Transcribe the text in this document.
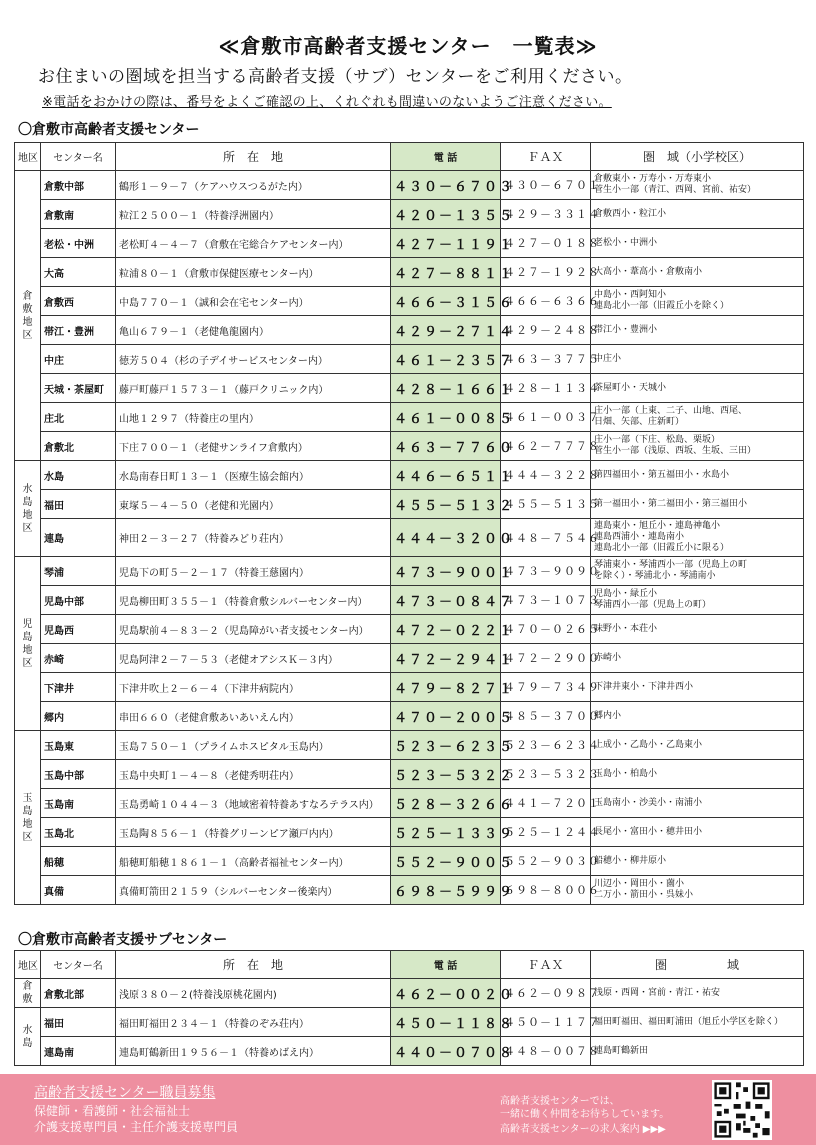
≪倉敷市高齢者支援センター　一覧表≫
お住まいの圏域を担当する高齢者支援（サブ）センターをご利用ください。
※電話をおかけの際は、番号をよくご確認の上、くれぐれも間違いのないようご注意ください。
〇倉敷市高齢者支援センター
地区	センター名	所　在　地	電 話	ＦＡＸ	圏　域（小学校区）
倉
敷
地
区	倉敷中部	鶴形１－９－７（ケアハウスつるがた内）	４３０－６７０３	４３０－６７０１	倉敷東小・万寿小・万寿東小
菅生小一部（青江、西岡、宮前、祐安）
	倉敷南	粒江２５００－１（特養浮洲園内）	４２０－１３５５	４２９－３３１４	倉敷西小・粒江小
	老松・中洲	老松町４－４－７（倉敷在宅総合ケアセンター内）	４２７－１１９１	４２７－０１８８	老松小・中洲小
	大高	粒浦８０－１（倉敷市保健医療センター内）	４２７－８８１１	４２７－１９２８	大高小・葦高小・倉敷南小
	倉敷西	中島７７０－１（誠和会在宅センター内）	４６６－３１５６	４６６－６３６６	中島小・西阿知小
連島北小一部（旧霞丘小を除く）
	帯江・豊洲	亀山６７９－１（老健亀龍園内）	４２９－２７１４	４２９－２４８８	帯江小・豊洲小
	中庄	徳芳５０４（杉の子デイサービスセンター内）	４６１－２３５７	４６３－３７７５	中庄小
	天城・茶屋町	藤戸町藤戸１５７３－１（藤戸クリニック内）	４２８－１６６１	４２８－１１３４	茶屋町小・天城小
	庄北	山地１２９７（特養庄の里内）	４６１－００８５	４６１－００３７	庄小一部（上東、二子、山地、西尾、
日畑、矢部、庄新町）
	倉敷北	下庄７００－１（老健サンライフ倉敷内）	４６３－７７６０	４６２－７７７８	庄小一部（下庄、松島、栗坂）
菅生小一部（浅原、西坂、生坂、三田）
水
島
地
区	水島	水島南春日町１３－１（医療生協会館内）	４４６－６５１１	４４４－３２２８	第四福田小・第五福田小・水島小
	福田	東塚５－４－５０（老健和光園内）	４５５－５１３２	４５５－５１３５	第一福田小・第二福田小・第三福田小
	連島	神田２－３－２７（特養みどり荘内）	４４４－３２００	４４８－７５４６	連島東小・旭丘小・連島神亀小
連島西浦小・連島南小
連島北小一部（旧霞丘小に限る）
児
島
地
区	琴浦	児島下の町５－２－１７（特養王慈園内）	４７３－９００１	４７３－９０９０	琴浦東小・琴浦西小一部（児島上の町
を除く）・琴浦北小・琴浦南小
	児島中部	児島柳田町３５５－１（特養倉敷シルバーセンター内）	４７３－０８４７	４７３－１０７３	児島小・緑丘小
琴浦西小一部（児島上の町）
	児島西	児島駅前４－８３－２（児島障がい者支援センター内）	４７２－０２２１	４７０－０２６５	味野小・本荘小
	赤崎	児島阿津２－７－５３（老健オアシスＫ－３内）	４７２－２９４１	４７２－２９００	赤崎小
	下津井	下津井吹上２－６－４（下津井病院内）	４７９－８２７１	４７９－７３４９	下津井東小・下津井西小
	郷内	串田６６０（老健倉敷あいあいえん内）	４７０－２００５	４８５－３７００	郷内小
玉
島
地
区	玉島東	玉島７５０－１（プライムホスピタル玉島内）	５２３－６２３５	５２３－６２３４	上成小・乙島小・乙島東小
	玉島中部	玉島中央町１－４－８（老健秀明荘内）	５２３－５３２２	５２３－５３２３	玉島小・柏島小
	玉島南	玉島勇崎１０４４－３（地域密着特養あすなろテラス内）	５２８－３２６６	４４１－７２０１	玉島南小・沙美小・南浦小
	玉島北	玉島陶８５６－１（特養グリーンピア瀬戸内内）	５２５－１３３９	５２５－１２４４	長尾小・富田小・穂井田小
	船穂	船穂町船穂１８６１－１（高齢者福祉センター内）	５５２－９００５	５５２－９０３０	船穂小・柳井原小
	真備	真備町箭田２１５９（シルバーセンター後楽内）	６９８－５９９９	６９８－８００６	川辺小・岡田小・薗小
二万小・箭田小・呉妹小
〇倉敷市高齢者支援サブセンター
地区	センター名	所　在　地	電 話	ＦＡＸ	圏　　　　　域
倉
敷	倉敷北部	浅原３８０－２(特養浅原桃花園内)	４６２－００２０	４６２－０９８７	浅原・西岡・宮前・青江・祐安
水
島	福田	福田町福田２３４－１（特養のぞみ荘内）	４５０－１１８８	４５０－１１７７	福田町福田、福田町浦田（旭丘小学区を除く）
	連島南	連島町鶴新田１９５６－１（特養めばえ内）	４４０－０７０８	４４８－００７８	連島町鶴新田
高齢者支援センター職員募集
保健師・看護師・社会福祉士
介護支援専門員・主任介護支援専門員
高齢者支援センターでは、
一緒に働く仲間をお待ちしています。
高齢者支援センターの求人案内 ▶▶▶
